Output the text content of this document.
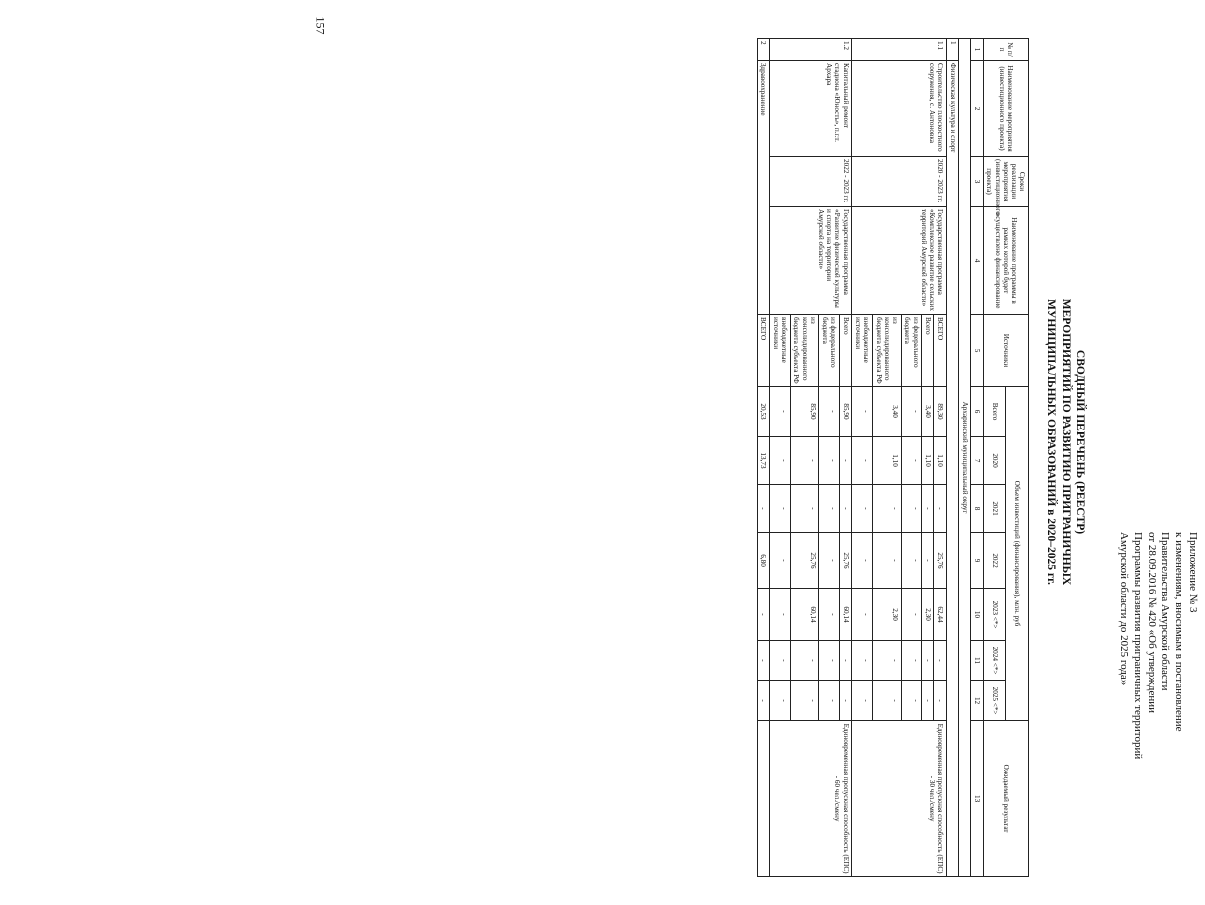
157
Приложение № 3
к изменениям, вносимым в постановление
Правительства Амурской области
от 28.09.2016 № 420 «Об утверждении
Программы развития приграничных территорий
Амурской области до 2025 года»
СВОДНЫЙ ПЕРЕЧЕНЬ (РЕЕСТР)
МЕРОПРИЯТИЙ ПО РАЗВИТИЮ ПРИГРАНИЧНЫХ
МУНИЦИПАЛЬНЫХ ОБРАЗОВАНИЙ в 2020–2025 гг.
№ п/п	Наименование мероприятия (инвестиционного проекта)	Сроки реализации мероприятия (инвестиционного проекта)	Наименование программы в рамках которой будет осуществлено финансирование	Источники	Объем инвестиций (финансирования), млн. руб							Ожидаемый результат
					Всего	2020	2021	2022	2023 <*>	2024 <*>	2025 <*>	
1	2	3	4	5	6	7	8	9	10	11	12	13
Архаринский муниципальный округ												
1	Физическая культура и спорт											
1.1	Строительство плоскостного сооружения, с. Антоновка	2020 - 2023 гг.	Государственная программа «Комплексное развитие сельских территорий Амурской области»	ВСЕГО	89,30	1,10	-	25,76	62,44	-	-	Единовременная пропускная способность (ЕПС) - 30 чел./смену
				Всего	3,40	1,10	-	-	2,30	-	-	
				из федерального бюджета	-	-	-	-	-	-	-	
				из консолидированного бюджета субъекта РФ	3,40	1,10	-	-	2,30	-	-	
				внебюджетные источники	-	-	-	-	-	-	-	
1.2	Капитальный ремонт стадиона «Юность», п.г.т. Архара	2022 - 2023 гг.	Государственная программа «Развитие физической культуры и спорта на территории Амурской области»	Всего	85,90	-	-	25,76	60,14	-	-	Единовременная пропускная способность (ЕПС) - 60 чел./смену
				из федерального бюджета	-	-	-	-	-	-	-	
				из консолидированного бюджета субъекта РФ	85,90	-	-	25,76	60,14	-	-	
				внебюджетные источники	-	-	-	-	-	-	-	
2	Здравоохранение			ВСЕГО	20,53	13,73	-	6,80	-	-	-	
